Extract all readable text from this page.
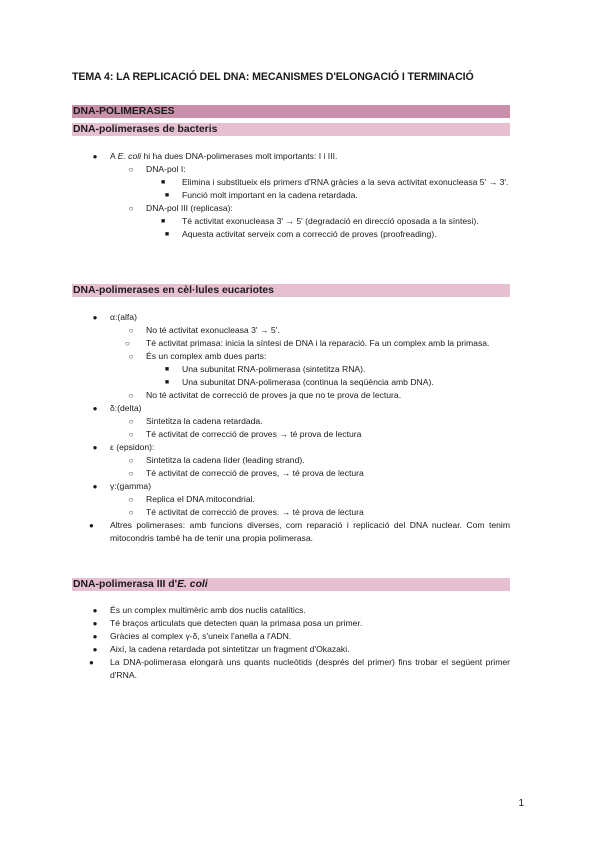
TEMA 4: LA REPLICACIÓ DEL DNA: MECANISMES D'ELONGACIÓ I TERMINACIÓ
DNA-POLIMERASES
DNA-polimerases de bacteris
●	A E. coli hi ha dues DNA-polimerases molt importants: I i III.
○	DNA-pol I:
■	Elimina i substitueix els primers d'RNA gràcies a la seva activitat exonucleasa 5' → 3'.
■	Funció molt important en la cadena retardada.
○	DNA-pol III (replicasa):
■	Té activitat exonucleasa 3' → 5' (degradació en direcció oposada a la síntesi).
■	Aquesta activitat serveix com a correcció de proves (proofreading).
DNA-polimerases en cèl·lules eucariotes
●	α:(alfa)
○	No té activitat exonucleasa 3' → 5'.
○	Té activitat primasa: inicia la síntesi de DNA i la reparació. Fa un complex amb la primasa.
○	És un complex amb dues parts:
■	Una subunitat RNA-polimerasa (sintetitza RNA).
■	Una subunitat DNA-polimerasa (continua la seqüència amb DNA).
○	No té activitat de correcció de proves ja que no te prova de lectura.
●	δ:(delta)
○	Sintetitza la cadena retardada.
○	Té activitat de correcció de proves → té prova de lectura
●	ε (epsidon):
○	Sintetitza la cadena líder (leading strand).
○	Té activitat de correcció de proves, → té prova de lectura
●	γ:(gamma)
○	Replica el DNA mitocondrial.
○	Té activitat de correcció de proves. → té prova de lectura
●	Altres polimerases: amb funcions diverses, com reparació i replicació del DNA nuclear. Com tenim mitocondris també ha de tenir una propia polimerasa.
DNA-polimerasa III d'E. coli
●	És un complex multimèric amb dos nuclis catalítics.
●	Té braços articulats que detecten quan la primasa posa un primer.
●	Gràcies al complex γ-δ, s'uneix l'anella a l'ADN.
●	Així, la cadena retardada pot sintetitzar un fragment d'Okazaki.
●	La DNA-polimerasa elongarà uns quants nucleòtids (després del primer) fins trobar el següent primer d'RNA.
1
